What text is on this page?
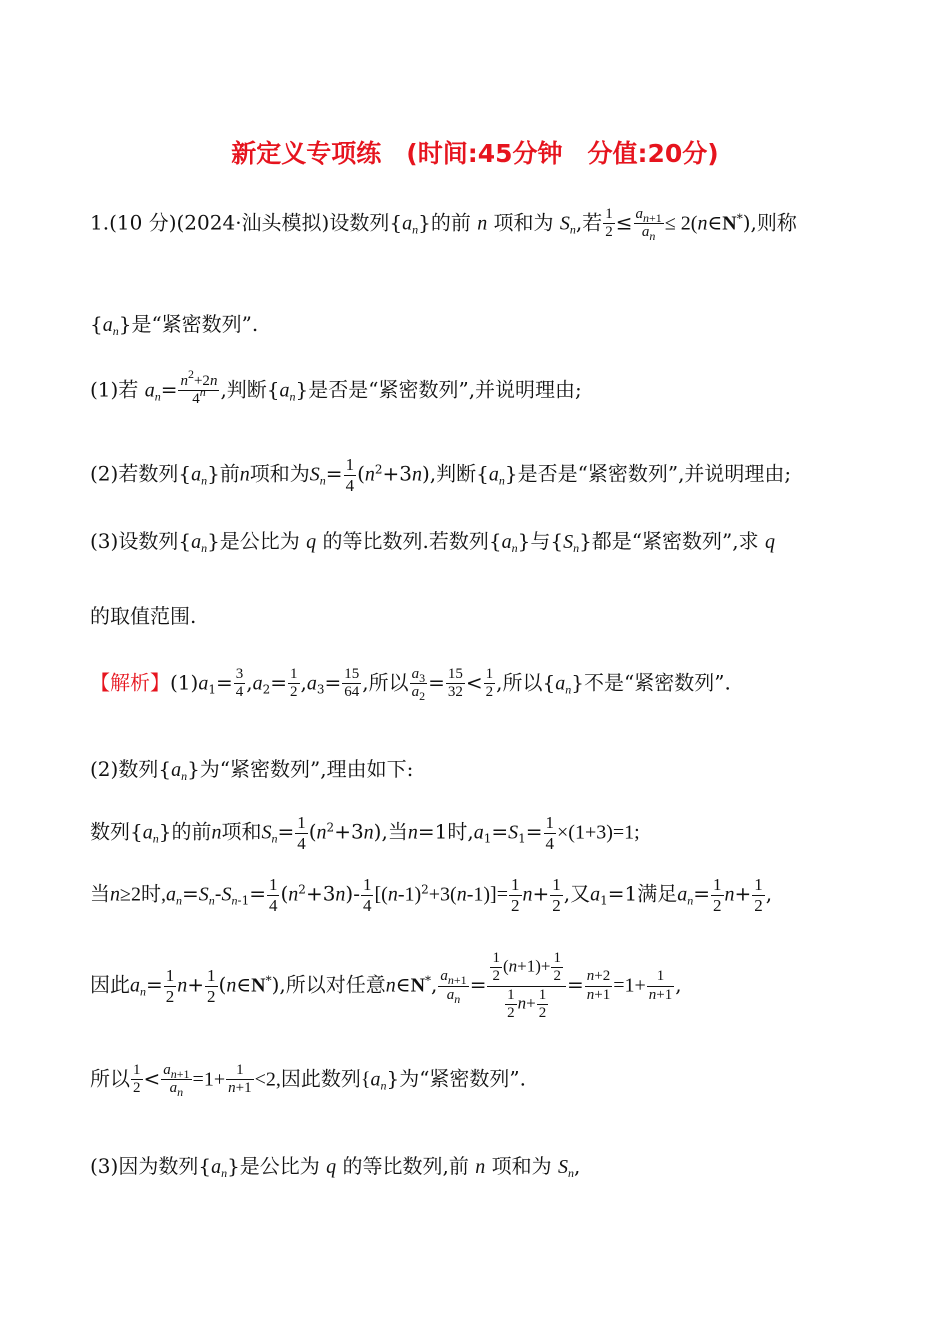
新定义专项练　(时间:45分钟　分值:20分)
1.(10 分)(2024·汕头模拟)设数列$\{a_n\}$的前 n 项和为 $S_n$,若 $\frac{1}{2} \le \frac{a_{n+1}}{a_n}$ ≤ 2(n∈N*),则称
$\{a_n\}$是“紧密数列”.
(1)若 $a_n= \frac{n^2+2n}{4^n}$ ,判断$\{a_n\}$是否是“紧密数列”,并说明理由;
(2)若数列$\{a_n\}$前n项和为$S_n= \frac{1}{4} (n^2+3n)$,判断$\{a_n\}$是否是“紧密数列”,并说明理由;
(3)设数列$\{a_n\}$是公比为 q 的等比数列.若数列$\{a_n\}$与$\{S_n\}$都是“紧密数列”,求 q
的取值范围.
【解析】$(1)a_1= \frac{3}{4} ,a_2= \frac{1}{2} ,a_3= \frac{15}{64}$ ,所以 $\frac{a_3}{a_2} = \frac{15}{32} < \frac{1}{2}$ ,所以$\{a_n\}$不是“紧密数列”.
(2)数列$\{a_n\}$为“紧密数列”,理由如下:
数列$\{a_n\}$的前n项和$S_n= \frac{1}{4} (n^2+3n)$,当n=1时$,a_1=S_1= \frac{1}{4} \times(1+3)=1$;
当n≥2时$,a_n=S_n-S_{n-1}= \frac{1}{4} (n^2+3n)- \frac{1}{4} [(n-1)^2+3(n-1)]= \frac{1}{2} n+ \frac{1}{2}$ ,又$a_1=1$满足$a_n= \frac{1}{2} n+ \frac{1}{2}$ ,
因此$a_n= \frac{1}{2} n+ \frac{1}{2}$ (n∈N*),所以对任意n∈N*, $\frac{a_{n+1}}{a_n} = \frac{\frac{1}{2} (n+1)+ \frac{1}{2}}{\frac{1}{2} n+ \frac{1}{2}} = \frac{n+2}{n+1} =1+ \frac{1}{n+1}$ ,
所以 $\frac{1}{2} < \frac{a_{n+1}}{a_n} =1+ \frac{1}{n+1} <2$,因此数列$\{a_n\}$为“紧密数列”.
(3)因为数列$\{a_n\}$是公比为 q 的等比数列,前 n 项和为 $S_n$,
